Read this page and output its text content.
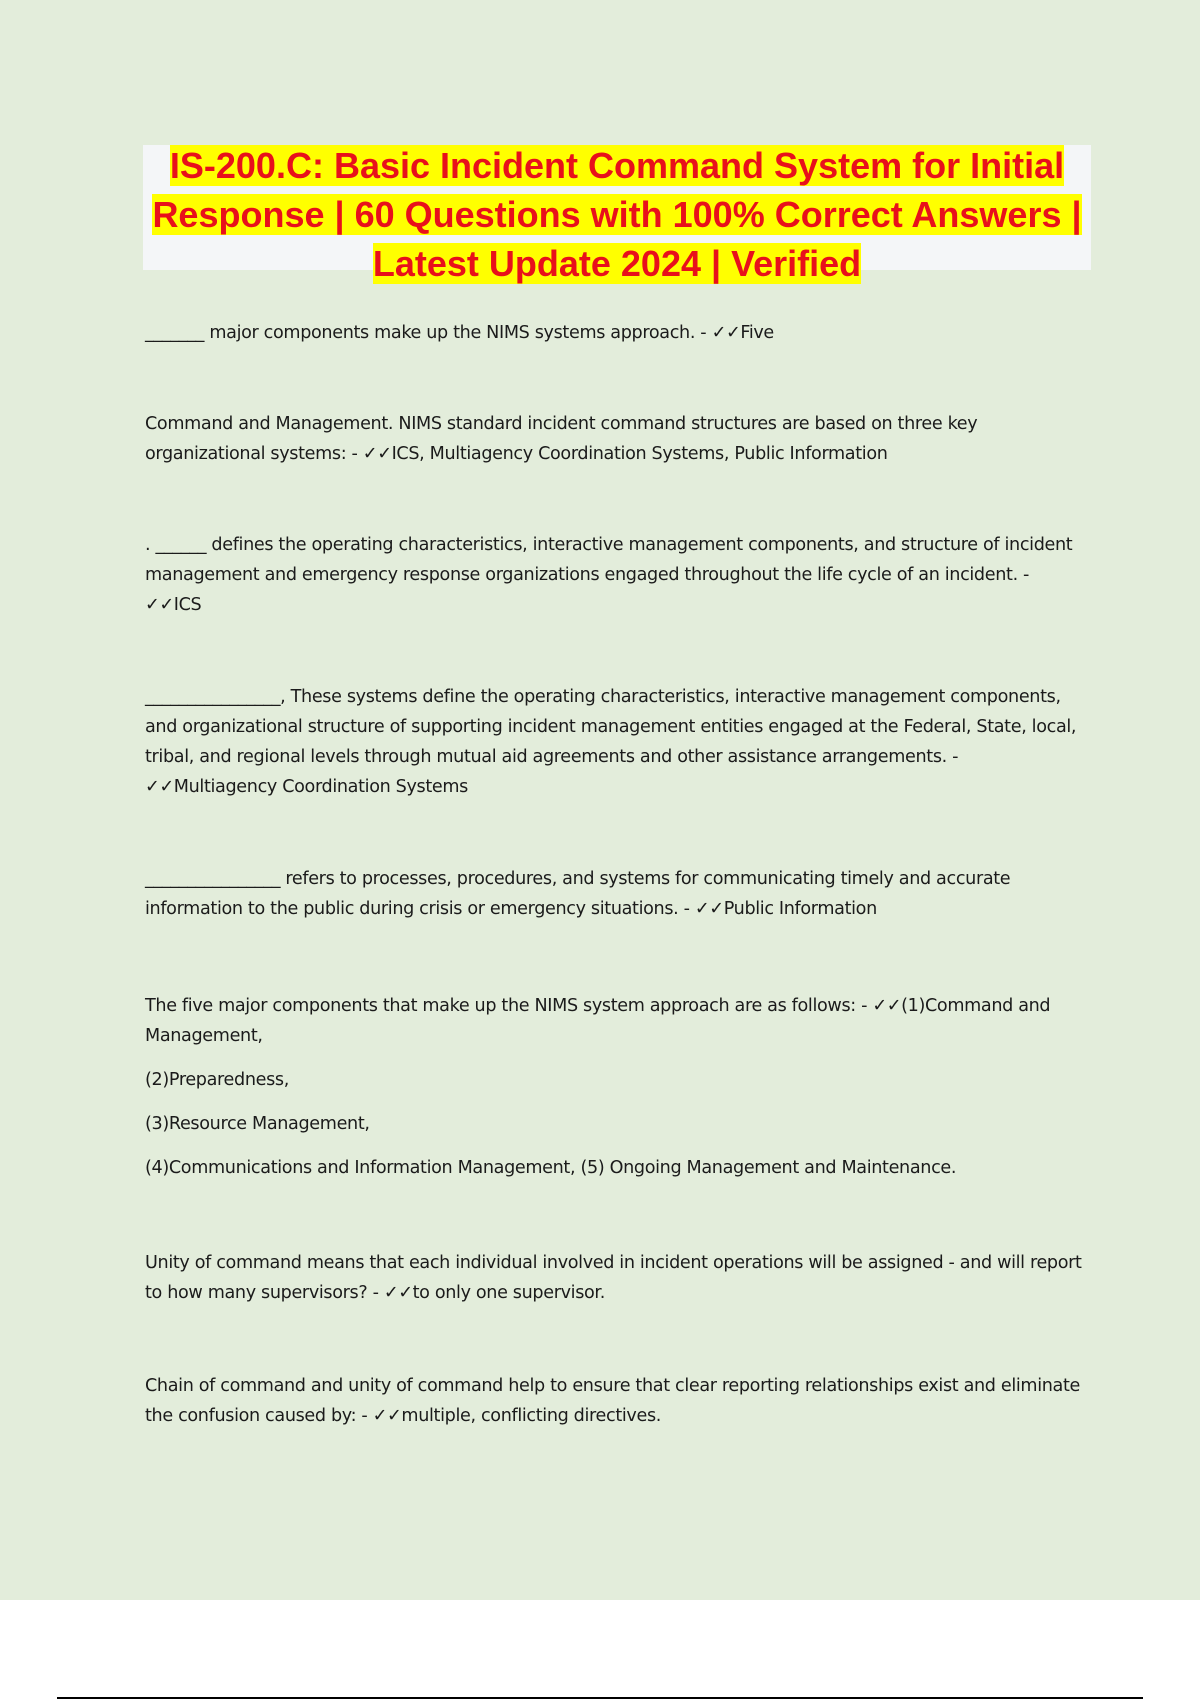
IS-200.C: Basic Incident Command System for Initial
Response | 60 Questions with 100% Correct Answers |
Latest Update 2024 | Verified

_______ major components make up the NIMS systems approach. - ✓✓Five

Command and Management. NIMS standard incident command structures are based on three key organizational systems: - ✓✓ICS, Multiagency Coordination Systems, Public Information

. ______ defines the operating characteristics, interactive management components, and structure of incident management and emergency response organizations engaged throughout the life cycle of an incident. - ✓✓ICS

________________, These systems define the operating characteristics, interactive management components, and organizational structure of supporting incident management entities engaged at the Federal, State, local, tribal, and regional levels through mutual aid agreements and other assistance arrangements. - ✓✓Multiagency Coordination Systems

________________ refers to processes, procedures, and systems for communicating timely and accurate information to the public during crisis or emergency situations. - ✓✓Public Information

The five major components that make up the NIMS system approach are as follows: - ✓✓(1)Command and Management,

(2)Preparedness,

(3)Resource Management,

(4)Communications and Information Management, (5) Ongoing Management and Maintenance.

Unity of command means that each individual involved in incident operations will be assigned - and will report to how many supervisors? - ✓✓to only one supervisor.

Chain of command and unity of command help to ensure that clear reporting relationships exist and eliminate the confusion caused by: - ✓✓multiple, conflicting directives.
